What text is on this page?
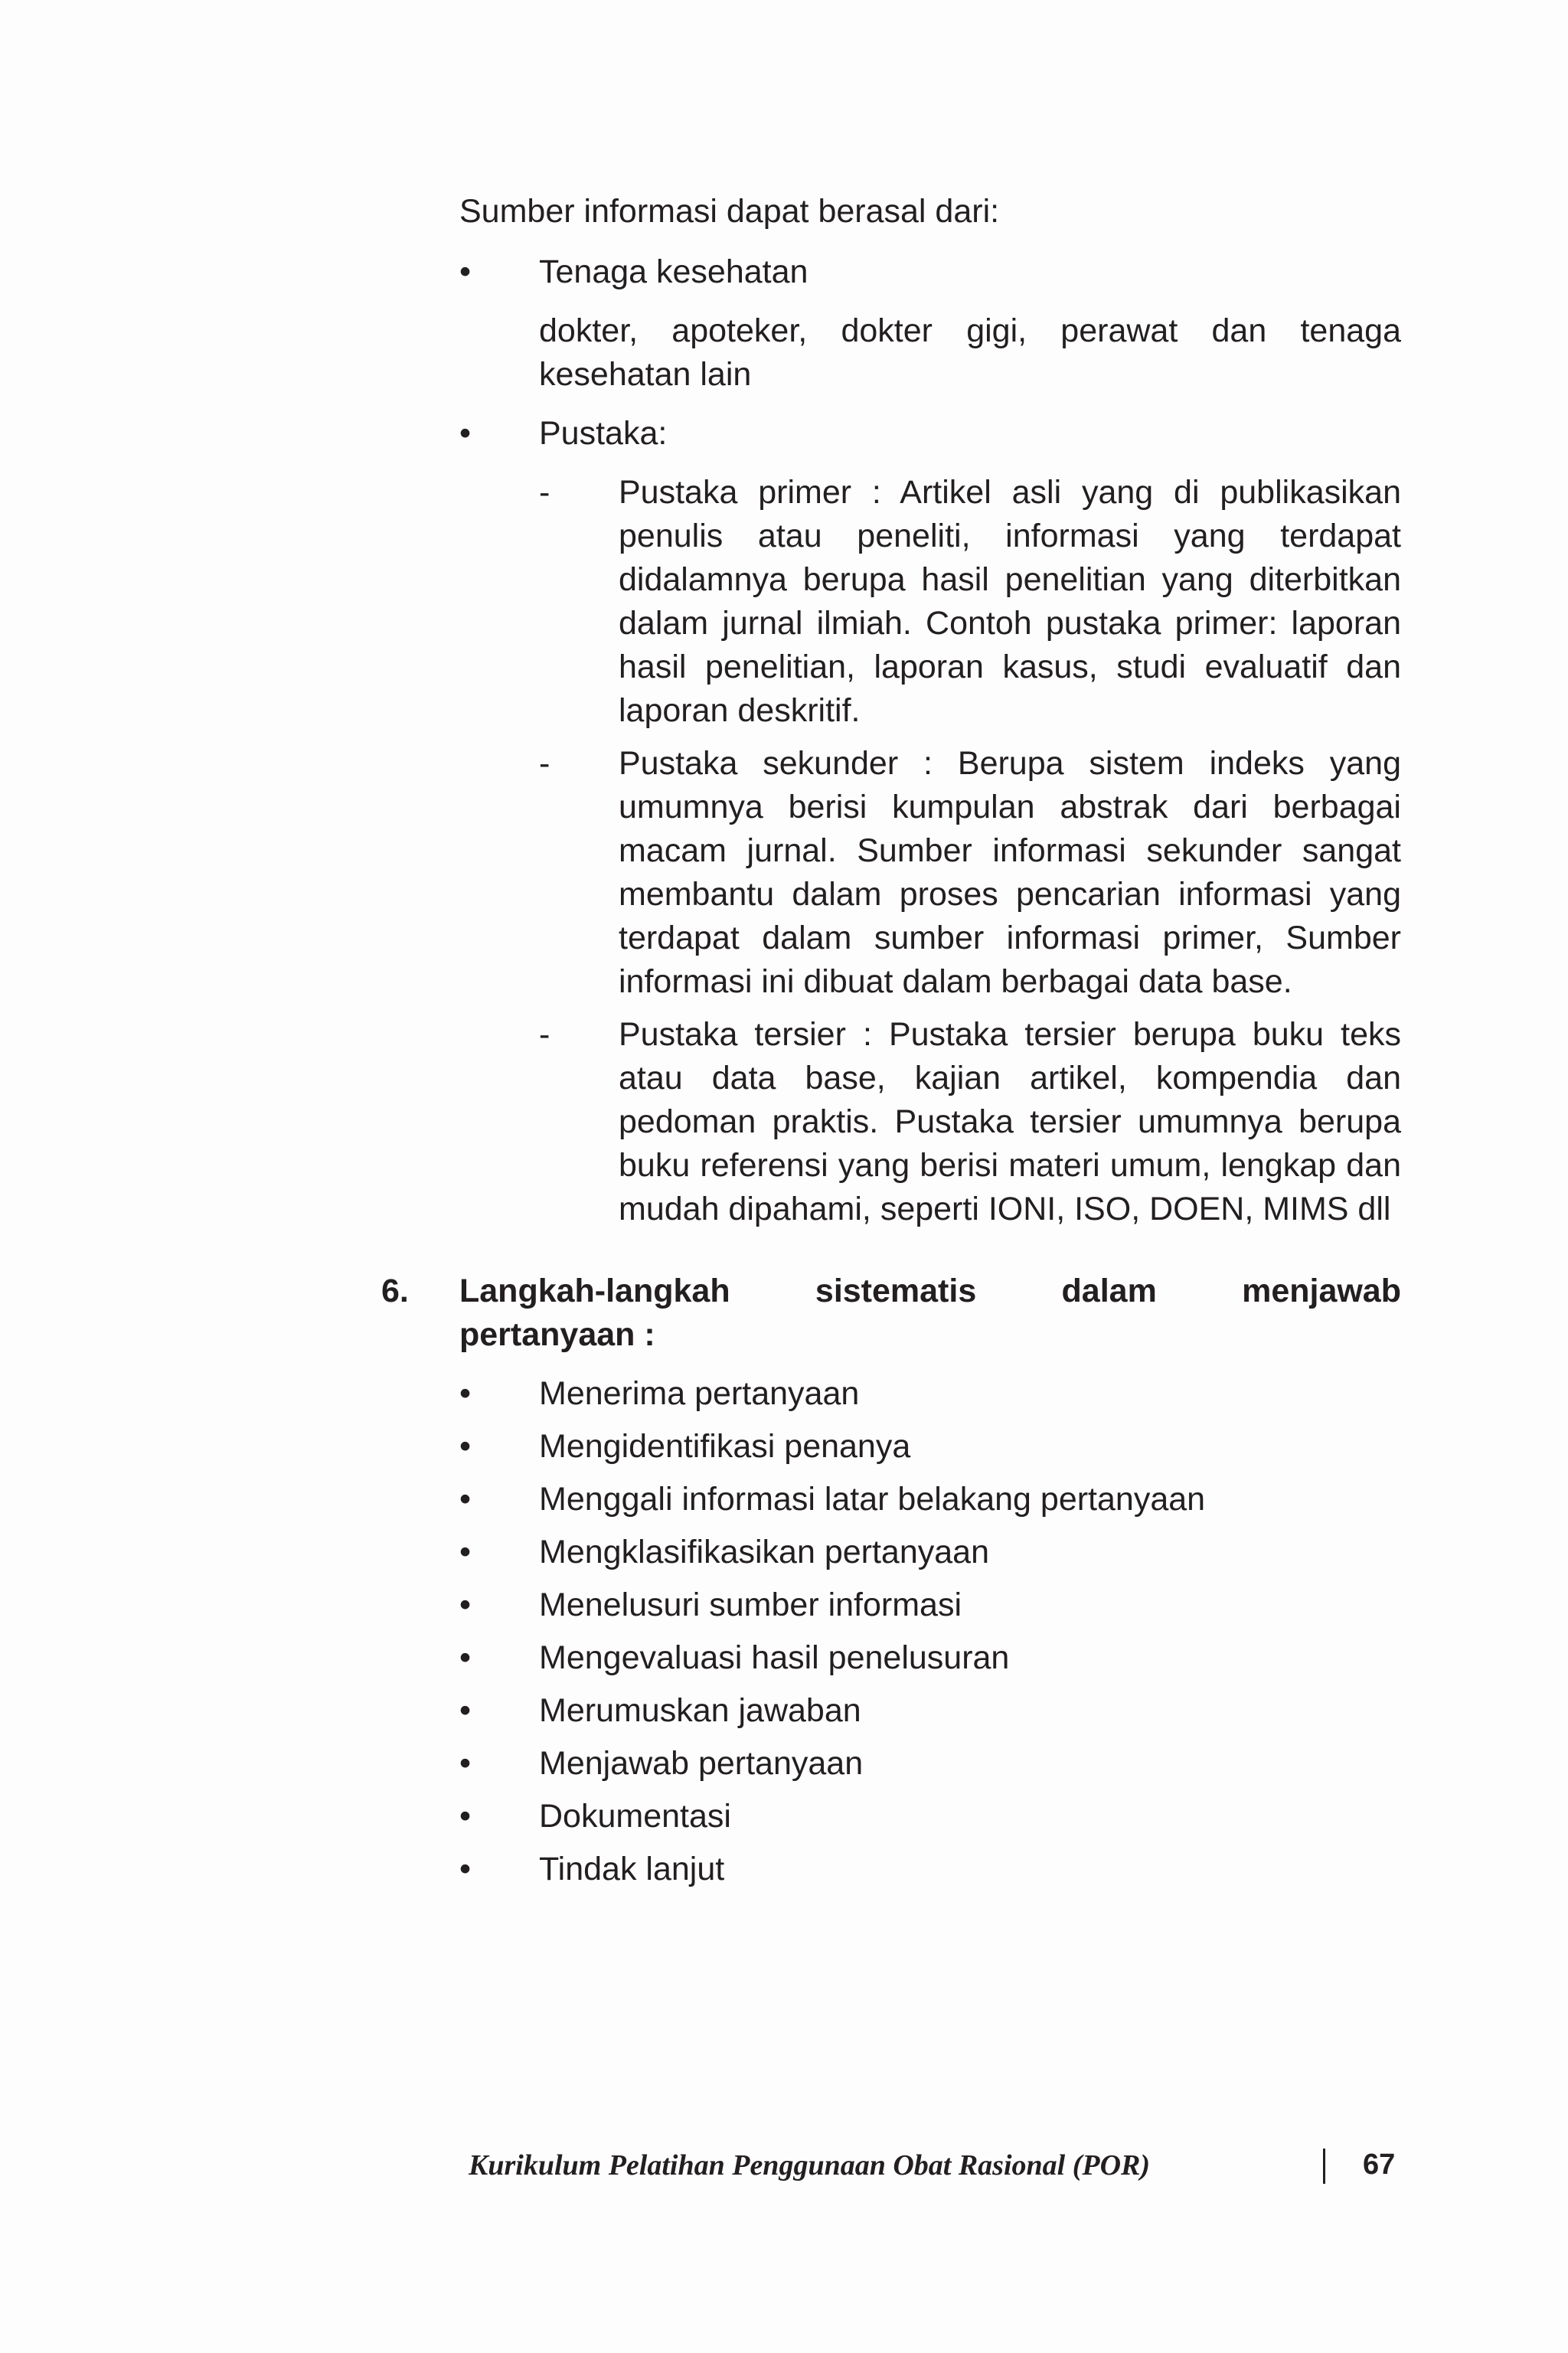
Sumber informasi dapat berasal dari:

•	Tenaga kesehatan
dokter, apoteker, dokter gigi, perawat dan tenaga kesehatan lain
•	Pustaka:
- Pustaka primer : Artikel asli yang di publikasikan penulis atau peneliti, informasi yang terdapat didalamnya berupa hasil penelitian yang diterbitkan dalam jurnal ilmiah. Contoh pustaka primer: laporan hasil penelitian, laporan kasus, studi evaluatif dan laporan deskritif.
- Pustaka sekunder : Berupa sistem indeks yang umumnya berisi kumpulan abstrak dari berbagai macam jurnal. Sumber informasi sekunder sangat membantu dalam proses pencarian informasi yang terdapat dalam sumber informasi primer, Sumber informasi ini dibuat dalam berbagai data base.
- Pustaka tersier : Pustaka tersier berupa buku teks atau data base, kajian artikel, kompendia dan pedoman praktis. Pustaka tersier umumnya berupa buku referensi yang berisi materi umum, lengkap dan mudah dipahami, seperti IONI, ISO, DOEN, MIMS dll
6. Langkah-langkah sistematis dalam menjawab
pertanyaan :
•	Menerima pertanyaan
•	Mengidentifikasi penanya
•	Menggali informasi latar belakang pertanyaan
•	Mengklasifikasikan pertanyaan
•	Menelusuri sumber informasi
•	Mengevaluasi hasil penelusuran
•	Merumuskan jawaban
•	Menjawab pertanyaan
•	Dokumentasi
•	Tindak lanjut
Kurikulum Pelatihan Penggunaan Obat Rasional (POR)	67
